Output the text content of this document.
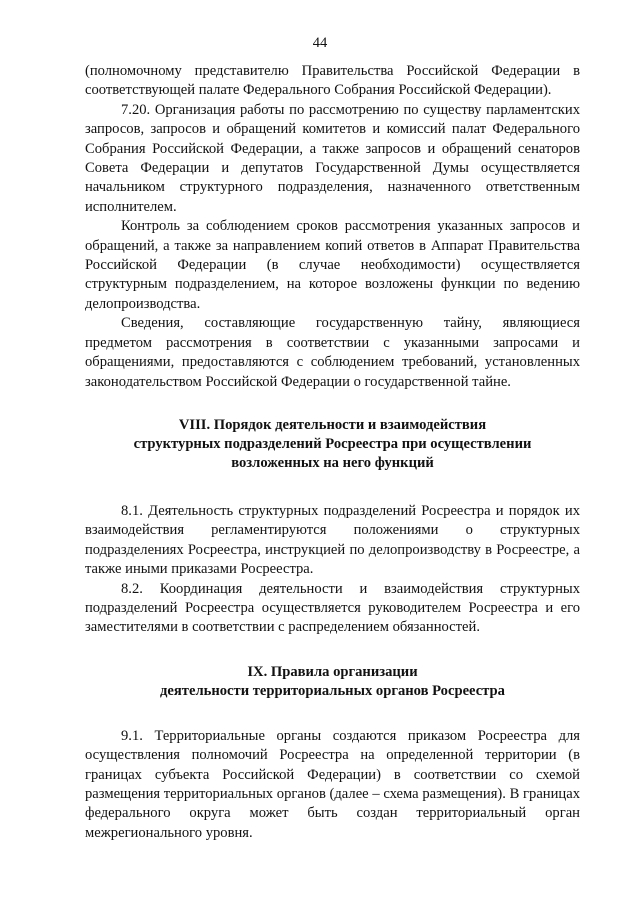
44

(полномочному представителю Правительства Российской Федерации в соответствующей палате Федерального Собрания Российской Федерации).

7.20. Организация работы по рассмотрению по существу парламентских запросов, запросов и обращений комитетов и комиссий палат Федерального Собрания Российской Федерации, а также запросов и обращений сенаторов Совета Федерации и депутатов Государственной Думы осуществляется начальником структурного подразделения, назначенного ответственным исполнителем.

Контроль за соблюдением сроков рассмотрения указанных запросов и обращений, а также за направлением копий ответов в Аппарат Правительства Российской Федерации (в случае необходимости) осуществляется структурным подразделением, на которое возложены функции по ведению делопроизводства.

Сведения, составляющие государственную тайну, являющиеся предметом рассмотрения в соответствии с указанными запросами и обращениями, предоставляются с соблюдением требований, установленных законодательством Российской Федерации о государственной тайне.

VIII. Порядок деятельности и взаимодействия
структурных подразделений Росреестра при осуществлении
возложенных на него функций

8.1. Деятельность структурных подразделений Росреестра и порядок их взаимодействия регламентируются положениями о структурных подразделениях Росреестра, инструкцией по делопроизводству в Росреестре, а также иными приказами Росреестра.

8.2. Координация деятельности и взаимодействия структурных подразделений Росреестра осуществляется руководителем Росреестра и его заместителями в соответствии с распределением обязанностей.

IX. Правила организации
деятельности территориальных органов Росреестра

9.1. Территориальные органы создаются приказом Росреестра для осуществления полномочий Росреестра на определенной территории (в границах субъекта Российской Федерации) в соответствии со схемой размещения территориальных органов (далее – схема размещения). В границах федерального округа может быть создан территориальный орган межрегионального уровня.
